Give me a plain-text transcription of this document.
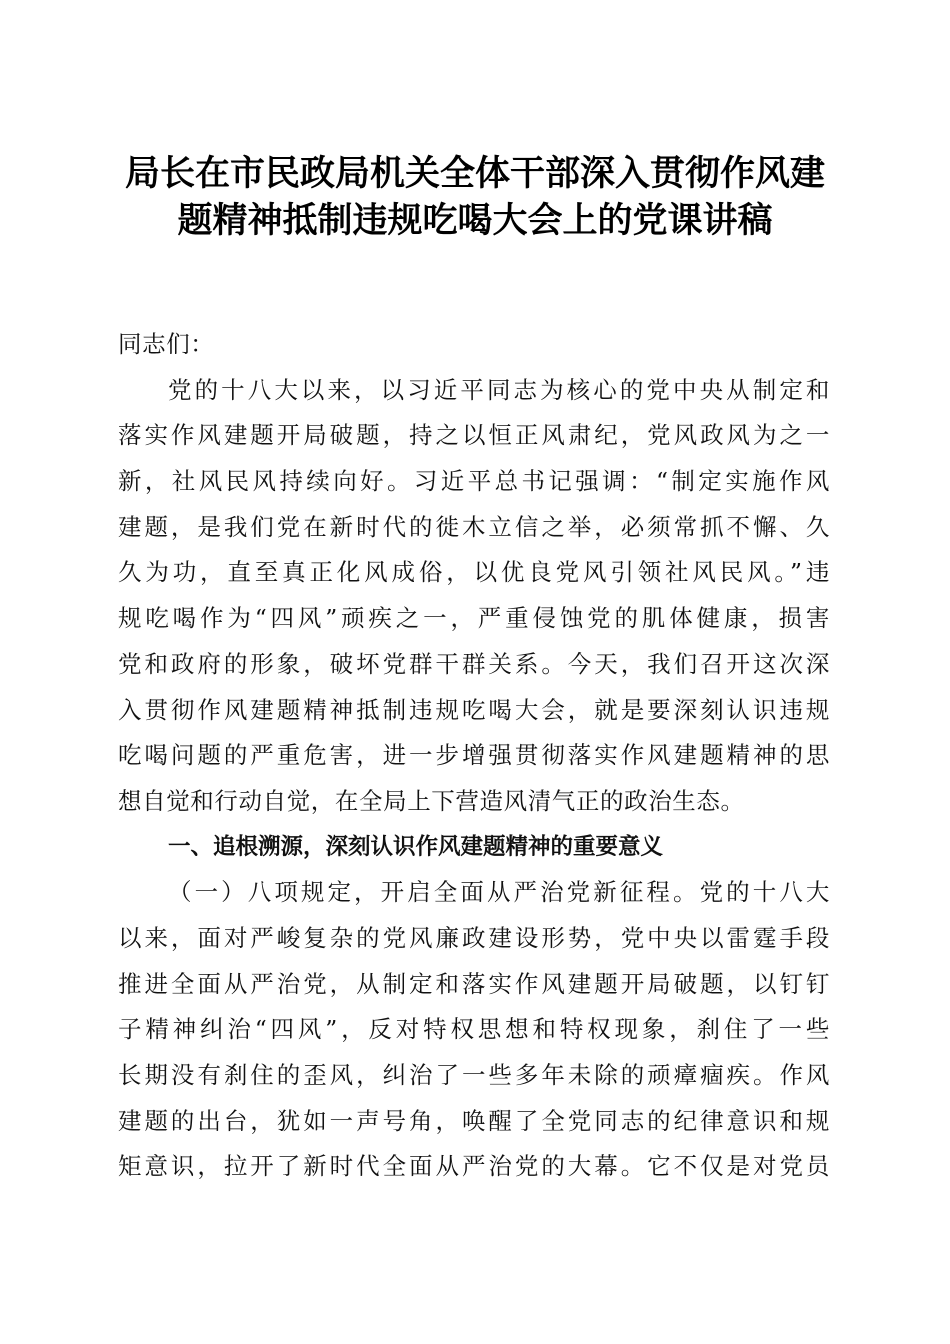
局长在市民政局机关全体干部深入贯彻作风建
题精神抵制违规吃喝大会上的党课讲稿
同志们：
党的十八大以来，以习近平同志为核心的党中央从制定和
落实作风建题开局破题，持之以恒正风肃纪，党风政风为之一
新，社风民风持续向好。习近平总书记强调：“制定实施作风
建题，是我们党在新时代的徙木立信之举，必须常抓不懈、久
久为功，直至真正化风成俗，以优良党风引领社风民风。”违
规吃喝作为“四风”顽疾之一，严重侵蚀党的肌体健康，损害
党和政府的形象，破坏党群干群关系。今天，我们召开这次深
入贯彻作风建题精神抵制违规吃喝大会，就是要深刻认识违规
吃喝问题的严重危害，进一步增强贯彻落实作风建题精神的思
想自觉和行动自觉，在全局上下营造风清气正的政治生态。
一、追根溯源，深刻认识作风建题精神的重要意义
（一）八项规定，开启全面从严治党新征程。党的十八大
以来，面对严峻复杂的党风廉政建设形势，党中央以雷霆手段
推进全面从严治党，从制定和落实作风建题开局破题，以钉钉
子精神纠治“四风”，反对特权思想和特权现象，刹住了一些
长期没有刹住的歪风，纠治了一些多年未除的顽瘴痼疾。作风
建题的出台，犹如一声号角，唤醒了全党同志的纪律意识和规
矩意识，拉开了新时代全面从严治党的大幕。它不仅是对党员
